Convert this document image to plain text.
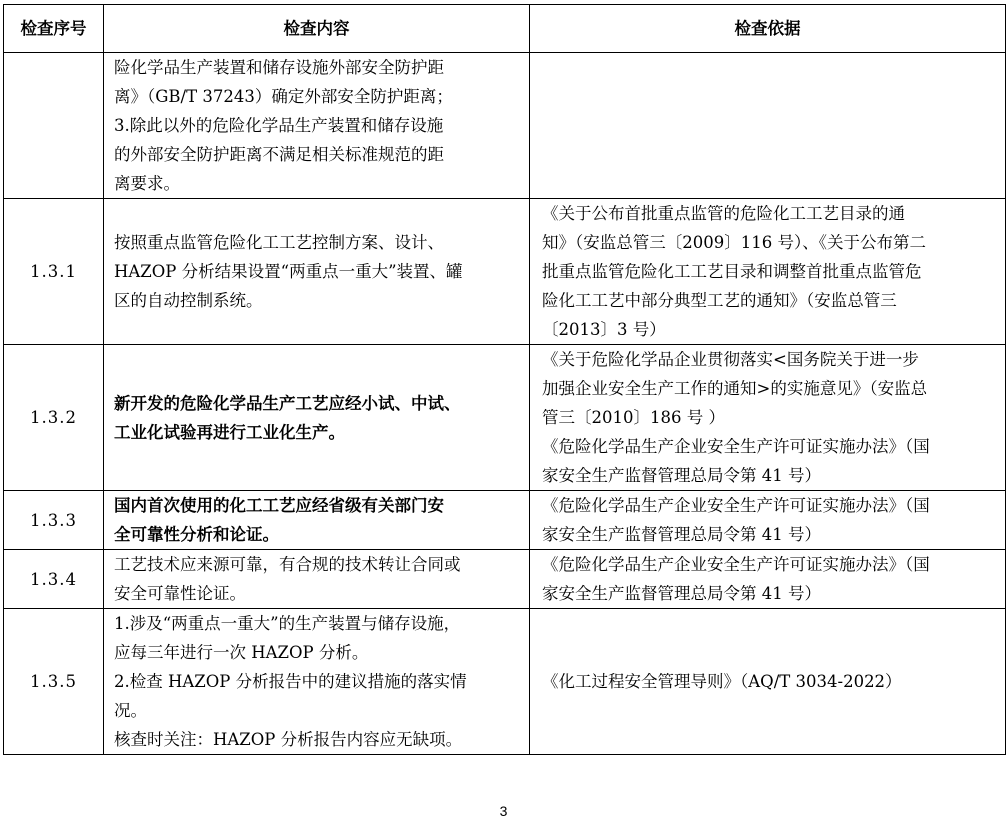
检查序号	检查内容	检查依据

	险化学品生产装置和储存设施外部安全防护距
离》（GB/T 37243）确定外部安全防护距离；
3.除此以外的危险化学品生产装置和储存设施
的外部安全防护距离不满足相关标准规范的距
离要求。	

1.3.1	按照重点监管危险化工工艺控制方案、设计、
HAZOP 分析结果设置“两重点一重大”装置、罐
区的自动控制系统。	《关于公布首批重点监管的危险化工工艺目录的通
知》（安监总管三〔2009〕116 号）、《关于公布第二
批重点监管危险化工工艺目录和调整首批重点监管危
险化工工艺中部分典型工艺的通知》（安监总管三
〔2013〕3 号）

1.3.2	新开发的危险化学品生产工艺应经小试、中试、
工业化试验再进行工业化生产。	《关于危险化学品企业贯彻落实<国务院关于进一步
加强企业安全生产工作的通知>的实施意见》（安监总
管三〔2010〕186 号 ）
《危险化学品生产企业安全生产许可证实施办法》（国
家安全生产监督管理总局令第 41 号）

1.3.3	国内首次使用的化工工艺应经省级有关部门安
全可靠性分析和论证。	《危险化学品生产企业安全生产许可证实施办法》（国
家安全生产监督管理总局令第 41 号）

1.3.4	工艺技术应来源可靠，有合规的技术转让合同或
安全可靠性论证。	《危险化学品生产企业安全生产许可证实施办法》（国
家安全生产监督管理总局令第 41 号）

1.3.5	1.涉及“两重点一重大”的生产装置与储存设施，
应每三年进行一次 HAZOP 分析。
2.检查 HAZOP 分析报告中的建议措施的落实情
况。
核查时关注：HAZOP 分析报告内容应无缺项。	《化工过程安全管理导则》（AQ/T 3034-2022）
3
